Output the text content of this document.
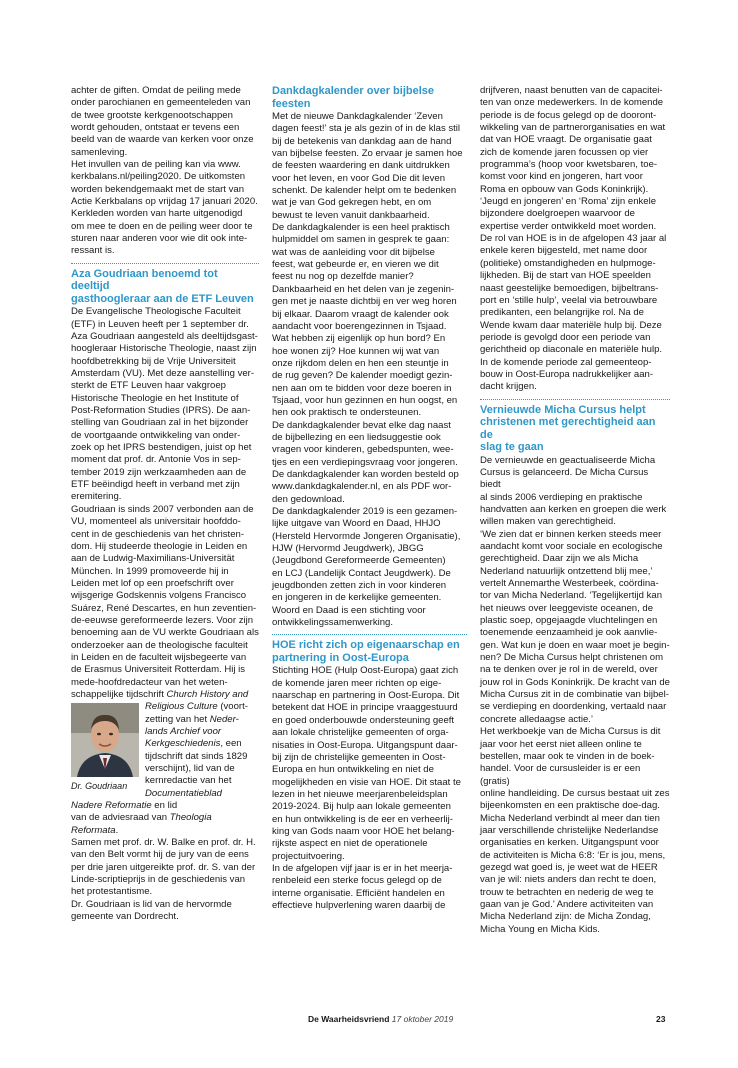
achter de giften. Omdat de peiling mede
onder parochianen en gemeenteleden van
de twee grootste kerkgenootschappen
wordt gehouden, ontstaat er tevens een
beeld van de waarde van kerken voor onze
samenleving.
Het invullen van de peiling kan via www.
kerkbalans.nl/peiling2020. De uitkomsten
worden bekendgemaakt met de start van
Actie Kerkbalans op vrijdag 17 januari 2020.
Kerkleden worden van harte uitgenodigd
om mee te doen en de peiling weer door te
sturen naar anderen voor wie dit ook inte-
ressant is.

Aza Goudriaan benoemd tot deeltijd
gasthoogleraar aan de ETF Leuven

De Evangelische Theologische Faculteit
(ETF) in Leuven heeft per 1 september dr.
Aza Goudriaan aangesteld als deeltijdsgast-
hoogleraar Historische Theologie, naast zijn
hoofdbetrekking bij de Vrije Universiteit
Amsterdam (VU). Met deze aanstelling ver-
sterkt de ETF Leuven haar vakgroep
Historische Theologie en het Institute of
Post-Reformation Studies (IPRS). De aan-
stelling van Goudriaan zal in het bijzonder
de voortgaande ontwikkeling van onder-
zoek op het IPRS bestendigen, juist op het
moment dat prof. dr. Antonie Vos in sep-
tember 2019 zijn werkzaamheden aan de
ETF beëindigd heeft in verband met zijn
eremitering.
Goudriaan is sinds 2007 verbonden aan de
VU, momenteel als universitair hoofddo-
cent in de geschiedenis van het christen-
dom. Hij studeerde theologie in Leiden en
aan de Ludwig-Maximilians-Universität
München. In 1999 promoveerde hij in
Leiden met lof op een proefschrift over
wijsgerige Godskennis volgens Francisco
Suárez, René Descartes, en hun zeventien-
de-eeuwse gereformeerde lezers. Voor zijn
benoeming aan de VU werkte Goudriaan als
onderzoeker aan de theologische faculteit
in Leiden en de faculteit wijsbegeerte van
de Erasmus Universiteit Rotterdam. Hij is
mede-hoofdredacteur van het weten-
schappelijke tijdschrift Church History and

Dr. Goudriaan

Religious Culture (voort-
zetting van het Neder-
lands Archief voor
Kerkgeschiedenis, een
tijdschrift dat sinds 1829
verschijnt), lid van de
kernredactie van het
Documentatieblad
Nadere Reformatie en lid

van de adviesraad van Theologia Reformata.
Samen met prof. dr. W. Balke en prof. dr. H.
van den Belt vormt hij de jury van de eens
per drie jaren uitgereikte prof. dr. S. van der
Linde-scriptieprijs in de geschiedenis van
het protestantisme.
Dr. Goudriaan is lid van de hervormde
gemeente van Dordrecht.

Dankdagkalender over bijbelse feesten

Met de nieuwe Dankdagkalender ‘Zeven
dagen feest!’ sta je als gezin of in de klas stil
bij de betekenis van dankdag aan de hand
van bijbelse feesten. Zo ervaar je samen hoe
de feesten waardering en dank uitdrukken
voor het leven, en voor God Die dit leven
schenkt. De kalender helpt om te bedenken
wat je van God gekregen hebt, en om
bewust te leven vanuit dankbaarheid.
De dankdagkalender is een heel praktisch
hulpmiddel om samen in gesprek te gaan:
wat was de aanleiding voor dit bijbelse
feest, wat gebeurde er, en vieren we dit
feest nu nog op dezelfde manier?
Dankbaarheid en het delen van je zegenin-
gen met je naaste dichtbij en ver weg horen
bij elkaar. Daarom vraagt de kalender ook
aandacht voor boerengezinnen in Tsjaad.
Wat hebben zij eigenlijk op hun bord? En
hoe wonen zij? Hoe kunnen wij wat van
onze rijkdom delen en hen een steuntje in
de rug geven? De kalender moedigt gezin-
nen aan om te bidden voor deze boeren in
Tsjaad, voor hun gezinnen en hun oogst, en
hen ook praktisch te ondersteunen.
De dankdagkalender bevat elke dag naast
de bijbellezing en een liedsuggestie ook
vragen voor kinderen, gebedspunten, wee-
tjes en een verdiepingsvraag voor jongeren.
De dankdagkalender kan worden besteld op
www.dankdagkalender.nl, en als PDF wor-
den gedownload.
De dankdagkalender 2019 is een gezamen-
lijke uitgave van Woord en Daad, HHJO
(Hersteld Hervormde Jongeren Organisatie),
HJW (Hervormd Jeugdwerk), JBGG
(Jeugdbond Gereformeerde Gemeenten)
en LCJ (Landelijk Contact Jeugdwerk). De
jeugdbonden zetten zich in voor kinderen
en jongeren in de kerkelijke gemeenten.
Woord en Daad is een stichting voor
ontwikkelingssamenwerking.

HOE richt zich op eigenaarschap en
partnering in Oost-Europa

Stichting HOE (Hulp Oost-Europa) gaat zich
de komende jaren meer richten op eige-
naarschap en partnering in Oost-Europa. Dit
betekent dat HOE in principe vraaggestuurd
en goed onderbouwde ondersteuning geeft
aan lokale christelijke gemeenten of orga-
nisaties in Oost-Europa. Uitgangspunt daar-
bij zijn de christelijke gemeenten in Oost-
Europa en hun ontwikkeling en niet de
mogelijkheden en visie van HOE. Dit staat te
lezen in het nieuwe meerjarenbeleidsplan
2019-2024. Bij hulp aan lokale gemeenten
en hun ontwikkeling is de eer en verheerlij-
king van Gods naam voor HOE het belang-
rijkste aspect en niet de operationele
projectuitvoering.
In de afgelopen vijf jaar is er in het meerja-
renbeleid een sterke focus gelegd op de
interne organisatie. Efficiënt handelen en
effectieve hulpverlening waren daarbij de

drijfveren, naast benutten van de capacitei-
ten van onze medewerkers. In de komende
periode is de focus gelegd op de dooront-
wikkeling van de partnerorganisaties en wat
dat van HOE vraagt. De organisatie gaat
zich de komende jaren focussen op vier
programma’s (hoop voor kwetsbaren, toe-
komst voor kind en jongeren, hart voor
Roma en opbouw van Gods Koninkrijk).
‘Jeugd en jongeren’ en ‘Roma’ zijn enkele
bijzondere doelgroepen waarvoor de
expertise verder ontwikkeld moet worden.
De rol van HOE is in de afgelopen 43 jaar al
enkele keren bijgesteld, met name door
(politieke) omstandigheden en hulpmoge-
lijkheden. Bij de start van HOE speelden
naast geestelijke bemoedigen, bijbeltrans-
port en ‘stille hulp’, veelal via betrouwbare
predikanten, een belangrijke rol. Na de
Wende kwam daar materiële hulp bij. Deze
periode is gevolgd door een periode van
gerichtheid op diaconale en materiële hulp.
In de komende periode zal gemeenteop-
bouw in Oost-Europa nadrukkelijker aan-
dacht krijgen.

Vernieuwde Micha Cursus helpt
christenen met gerechtigheid aan de
slag te gaan

De vernieuwde en geactualiseerde Micha
Cursus is gelanceerd. De Micha Cursus biedt
al sinds 2006 verdieping en praktische
handvatten aan kerken en groepen die werk
willen maken van gerechtigheid.
‘We zien dat er binnen kerken steeds meer
aandacht komt voor sociale en ecologische
gerechtigheid. Daar zijn we als Micha
Nederland natuurlijk ontzettend blij mee,’
vertelt Annemarthe Westerbeek, coördina-
tor van Micha Nederland. ‘Tegelijkertijd kan
het nieuws over leeggeviste oceanen, de
plastic soep, opgejaagde vluchtelingen en
toenemende eenzaamheid je ook aanvlie-
gen. Wat kun je doen en waar moet je begin-
nen? De Micha Cursus helpt christenen om
na te denken over je rol in de wereld, over
jouw rol in Gods Koninkrijk. De kracht van de
Micha Cursus zit in de combinatie van bijbel-
se verdieping en doordenking, vertaald naar
concrete alledaagse actie.’
Het werkboekje van de Micha Cursus is dit
jaar voor het eerst niet alleen online te
bestellen, maar ook te vinden in de boek-
handel. Voor de cursusleider is er een (gratis)
online handleiding. De cursus bestaat uit zes
bijeenkomsten en een praktische doe-dag.
Micha Nederland verbindt al meer dan tien
jaar verschillende christelijke Nederlandse
organisaties en kerken. Uitgangspunt voor
de activiteiten is Micha 6:8: ‘Er is jou, mens,
gezegd wat goed is, je weet wat de HEER
van je wil: niets anders dan recht te doen,
trouw te betrachten en nederig de weg te
gaan van je God.’ Andere activiteiten van
Micha Nederland zijn: de Micha Zondag,
Micha Young en Micha Kids.

De Waarheidsvriend 17 oktober 2019	23
